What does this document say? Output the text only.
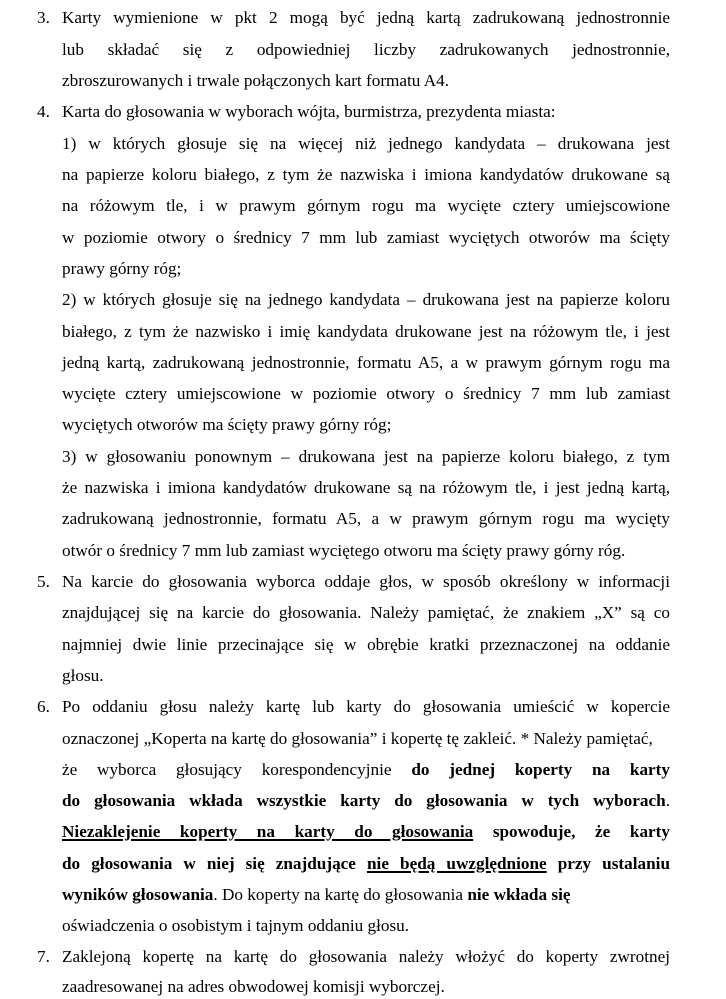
3. Karty wymienione w pkt 2 mogą być jedną kartą zadrukowaną jednostronnie
lub składać się z odpowiedniej liczby zadrukowanych jednostronnie,
zbroszurowanych i trwale połączonych kart formatu A4.
4. Karta do głosowania w wyborach wójta, burmistrza, prezydenta miasta:
1) w których głosuje się na więcej niż jednego kandydata – drukowana jest
na papierze koloru białego, z tym że nazwiska i imiona kandydatów drukowane są
na różowym tle, i w prawym górnym rogu ma wycięte cztery umiejscowione
w poziomie otwory o średnicy 7 mm lub zamiast wyciętych otworów ma ścięty
prawy górny róg;
2) w których głosuje się na jednego kandydata – drukowana jest na papierze koloru
białego, z tym że nazwisko i imię kandydata drukowane jest na różowym tle, i jest
jedną kartą, zadrukowaną jednostronnie, formatu A5, a w prawym górnym rogu ma
wycięte cztery umiejscowione w poziomie otwory o średnicy 7 mm lub zamiast
wyciętych otworów ma ścięty prawy górny róg;
3) w głosowaniu ponownym – drukowana jest na papierze koloru białego, z tym
że nazwiska i imiona kandydatów drukowane są na różowym tle, i jest jedną kartą,
zadrukowaną jednostronnie, formatu A5, a w prawym górnym rogu ma wycięty
otwór o średnicy 7 mm lub zamiast wyciętego otworu ma ścięty prawy górny róg.
5. Na karcie do głosowania wyborca oddaje głos, w sposób określony w informacji
znajdującej się na karcie do głosowania. Należy pamiętać, że znakiem „X” są co
najmniej dwie linie przecinające się w obrębie kratki przeznaczonej na oddanie
głosu.
6. Po oddaniu głosu należy kartę lub karty do głosowania umieścić w kopercie
oznaczonej „Koperta na kartę do głosowania” i kopertę tę zakleić. * Należy pamiętać,
że wyborca głosujący korespondencyjnie do jednej koperty na karty
do głosowania wkłada wszystkie karty do głosowania w tych wyborach.
Niezaklejenie koperty na karty do głosowania spowoduje, że karty
do głosowania w niej się znajdujące nie będą uwzględnione przy ustalaniu
wyników głosowania. Do koperty na kartę do głosowania nie wkłada się
oświadczenia o osobistym i tajnym oddaniu głosu.
7. Zaklejoną kopertę na kartę do głosowania należy włożyć do koperty zwrotnej
zaadresowanej na adres obwodowej komisji wyborczej.
